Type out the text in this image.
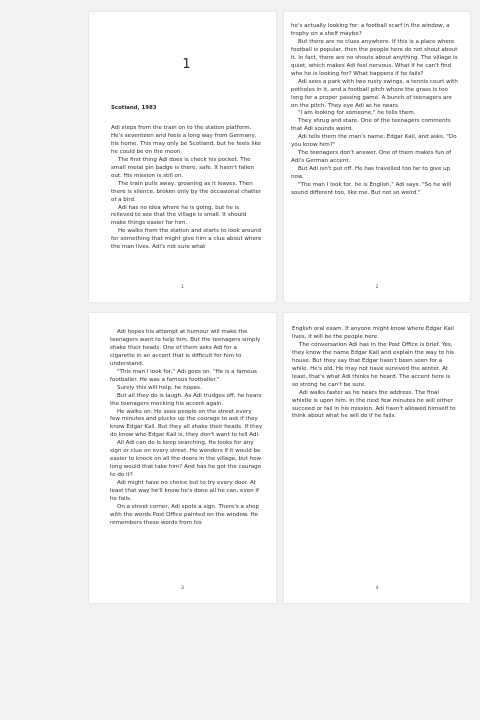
1
Scotland, 1983

Adi steps from the train on to the station platform. He's seventeen and feels a long way from Germany, his home. This may only be Scotland, but he feels like he could be on the moon.

The first thing Adi does is check his pocket. The small metal pin badge is there, safe. It hasn't fallen out. His mission is still on.

The train pulls away, groaning as it leaves. Then there is silence, broken only by the occasional chatter of a bird.

Adi has no idea where he is going, but he is relieved to see that the village is small. It should make things easier for him.

He walks from the station and starts to look around for something that might give him a clue about where the man lives. Adi's not sure what

1

he's actually looking for: a football scarf in the window, a trophy on a shelf maybe?

But there are no clues anywhere. If this is a place where football is popular, then the people here do not shout about it. In fact, there are no shouts about anything. The village is quiet, which makes Adi feel nervous. What if he can't find who he is looking for? What happens if he fails?

Adi sees a park with two rusty swings, a tennis court with potholes in it, and a football pitch where the grass is too long for a proper passing game. A bunch of teenagers are on the pitch. They eye Adi as he nears.

"I am looking for someone," he tells them.

They shrug and stare. One of the teenagers comments that Adi sounds weird.

Adi tells them the man's name, Edgar Kail, and asks, "Do you know him?"

The teenagers don't answer. One of them makes fun of Adi's German accent.

But Adi isn't put off. He has travelled too far to give up now.

"The man I look for, he is English," Adi says. "So he will sound different too, like me. But not so weird."

2

Adi hopes his attempt at humour will make the teenagers want to help him. But the teenagers simply shake their heads. One of them asks Adi for a cigarette in an accent that is difficult for him to understand.

"This man I look for," Adi goes on. "He is a famous footballer. He was a famous footballer."

Surely this will help, he hopes.

But all they do is laugh. As Adi trudges off, he hears the teenagers mocking his accent again.

He walks on. He sees people on the street every few minutes and plucks up the courage to ask if they know Edgar Kail. But they all shake their heads. If they do know who Edgar Kail is, they don't want to tell Adi.

All Adi can do is keep searching. He looks for any sign or clue on every street. He wonders if it would be easier to knock on all the doors in the village, but how long would that take him? And has he got the courage to do it?

Adi might have no choice but to try every door. At least that way he'll know he's done all he can, even if he fails.

On a street corner, Adi spots a sign. There's a shop with the words Post Office painted on the window. He remembers these words from his

3

English oral exam. If anyone might know where Edgar Kail lives, it will be the people here.

The conversation Adi has in the Post Office is brief. Yes, they know the name Edgar Kail and explain the way to his house. But they say that Edgar hasn't been seen for a while. He's old. He may not have survived the winter. At least, that's what Adi thinks he heard. The accent here is so strong he can't be sure.

Adi walks faster as he nears the address. The final whistle is upon him. In the next few minutes he will either succeed or fail in his mission. Adi hasn't allowed himself to think about what he will do if he fails.

4
